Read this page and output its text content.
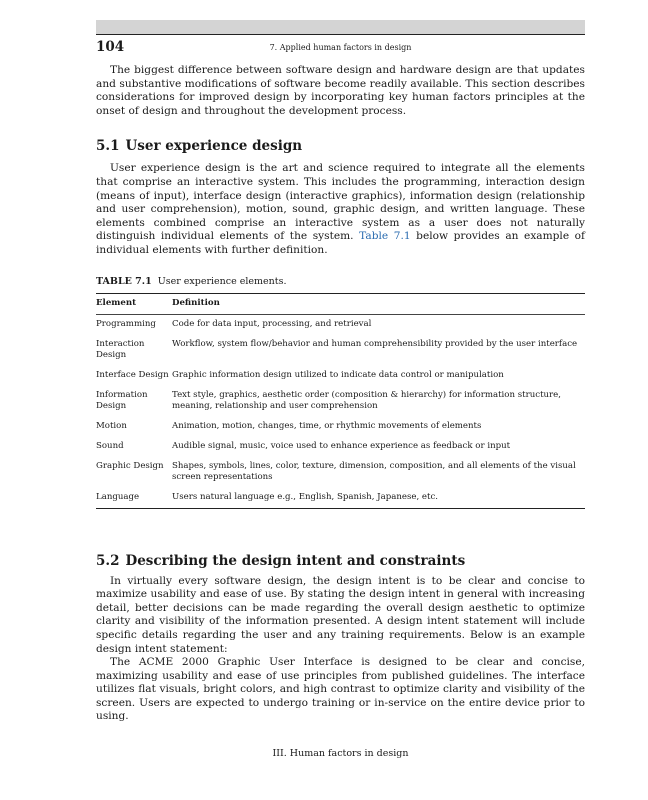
104	7. Applied human factors in design

The biggest difference between software design and hardware design are that updates and substantive modifications of software become readily available. This section describes considerations for improved design by incorporating key human factors principles at the onset of design and throughout the development process.

5.1 User experience design

User experience design is the art and science required to integrate all the elements that comprise an interactive system. This includes the programming, interaction design (means of input), interface design (interactive graphics), information design (relationship and user comprehension), motion, sound, graphic design, and written language. These elements combined comprise an interactive system as a user does not naturally distinguish individual elements of the system. Table 7.1 below provides an example of individual elements with further definition.

TABLE 7.1 User experience elements.
Element	Definition
Programming	Code for data input, processing, and retrieval
Interaction Design	Workflow, system flow/behavior and human comprehensibility provided by the user interface
Interface Design	Graphic information design utilized to indicate data control or manipulation
Information Design	Text style, graphics, aesthetic order (composition & hierarchy) for information structure, meaning, relationship and user comprehension
Motion	Animation, motion, changes, time, or rhythmic movements of elements
Sound	Audible signal, music, voice used to enhance experience as feedback or input
Graphic Design	Shapes, symbols, lines, color, texture, dimension, composition, and all elements of the visual screen representations
Language	Users natural language e.g., English, Spanish, Japanese, etc.
5.2 Describing the design intent and constraints

In virtually every software design, the design intent is to be clear and concise to maximize usability and ease of use. By stating the design intent in general with increasing detail, better decisions can be made regarding the overall design aesthetic to optimize clarity and visibility of the information presented. A design intent statement will include specific details regarding the user and any training requirements. Below is an example design intent statement:

The ACME 2000 Graphic User Interface is designed to be clear and concise, maximizing usability and ease of use principles from published guidelines. The interface utilizes flat visuals, bright colors, and high contrast to optimize clarity and visibility of the screen. Users are expected to undergo training or in-service on the entire device prior to using.

III. Human factors in design
